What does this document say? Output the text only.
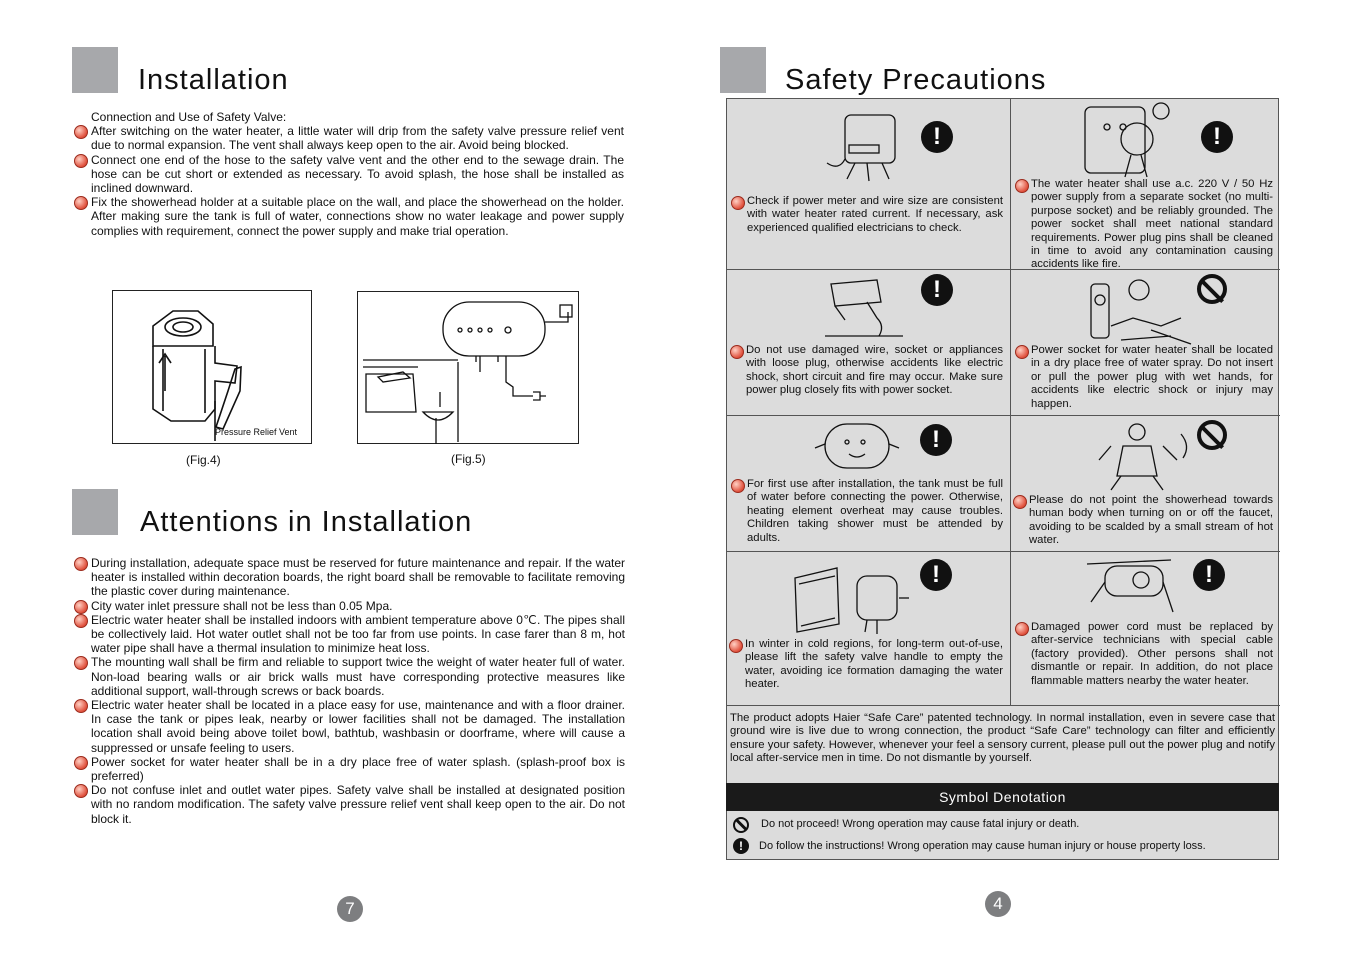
Installation
Connection and Use of Safety Valve:
After switching on the water heater, a little water will drip from the safety valve pressure relief vent due to normal expansion. The vent shall always keep open to the air. Avoid being blocked.
Connect one end of the hose to the safety valve vent and the other end to the sewage drain. The hose can be cut short or extended as necessary. To avoid splash, the hose shall be installed as inclined downward.
Fix the showerhead holder at a suitable place on the wall, and place the showerhead on the holder. After making sure the tank is full of water, connections show no water leakage and power supply complies with requirement, connect the power supply and make trial operation.
Pressure Relief Vent
(Fig.4)	(Fig.5)
Attentions in Installation
During installation, adequate space must be reserved for future maintenance and repair. If the water heater is installed within decoration boards, the right board shall be removable to facilitate removing the plastic cover during maintenance.
City water inlet pressure shall not be less than 0.05 Mpa.
Electric water heater shall be installed indoors with ambient temperature above 0℃. The pipes shall be collectively laid. Hot water outlet shall not be too far from use points. In case farer than 8 m, hot water pipe shall have a thermal insulation to minimize heat loss.
The mounting wall shall be firm and reliable to support twice the weight of water heater full of water. Non-load bearing walls or air brick walls must have corresponding protective measures like additional support, wall-through screws or back boards.
Electric water heater shall be located in a place easy for use, maintenance and with a floor drainer. In case the tank or pipes leak, nearby or lower facilities shall not be damaged. The installation location shall avoid being above toilet bowl, bathtub, washbasin or doorframe, where will cause a suppressed or unsafe feeling to users.
Power socket for water heater shall be in a dry place free of water splash. (splash-proof box is preferred)
Do not confuse inlet and outlet water pipes. Safety valve shall be installed at designated position with no random modification. The safety valve pressure relief vent shall keep open to the air. Do not block it.
7
Safety Precautions
!
Check if power meter and wire size are consistent with water heater rated current. If necessary, ask experienced qualified electricians to check.
!
The water heater shall use a.c. 220 V / 50 Hz power supply from a separate socket (no multi-purpose socket) and be reliably grounded. The power socket shall meet national standard requirements. Power plug pins shall be cleaned in time to avoid any contamination causing accidents like fire.
!
Do not use damaged wire, socket or appliances with loose plug, otherwise accidents like electric shock, short circuit and fire may occur. Make sure power plug closely fits with power socket.
Power socket for water heater shall be located in a dry place free of water spray. Do not insert or pull the power plug with wet hands, for accidents like electric shock or injury may happen.
!
For first use after installation, the tank must be full of water before connecting the power. Otherwise, heating element overheat may cause troubles. Children taking shower must be attended by adults.
Please do not point the showerhead towards human body when turning on or off the faucet, avoiding to be scalded by a small stream of hot water.
!
In winter in cold regions, for long-term out-of-use, please lift the safety valve handle to empty the water, avoiding ice formation damaging the water heater.
!
Damaged power cord must be replaced by after-service technicians with special cable (factory provided). Other persons shall not dismantle or repair. In addition, do not place flammable matters nearby the water heater.
The product adopts Haier “Safe Care” patented technology. In normal installation, even in severe case that ground wire is live due to wrong connection, the product “Safe Care” technology can filter and efficiently ensure your safety. However, whenever your feel a sensory current, please pull out the power plug and notify local after-service men in time. Do not dismantle by yourself.
Symbol Denotation
Do not proceed! Wrong operation may cause fatal injury or death.
!	Do follow the instructions! Wrong operation may cause human injury or house property loss.
4
